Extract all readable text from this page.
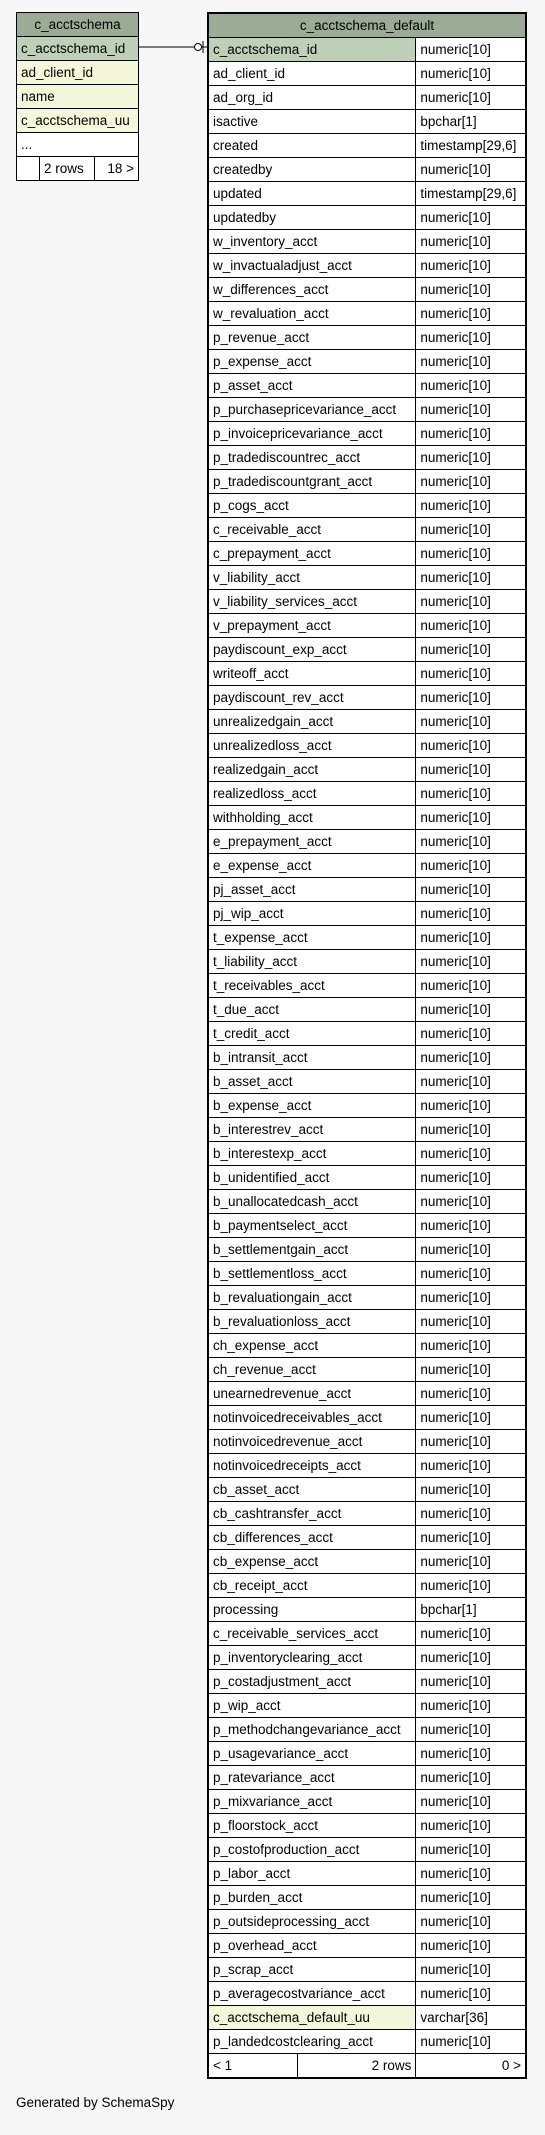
c_acctschema
c_acctschema_id
ad_client_id
name
c_acctschema_uu
...
	2 rows	18 >
c_acctschema_default		
c_acctschema_id		numeric[10]
ad_client_id		numeric[10]
ad_org_id		numeric[10]
isactive		bpchar[1]
created		timestamp[29,6]
createdby		numeric[10]
updated		timestamp[29,6]
updatedby		numeric[10]
w_inventory_acct		numeric[10]
w_invactualadjust_acct		numeric[10]
w_differences_acct		numeric[10]
w_revaluation_acct		numeric[10]
p_revenue_acct		numeric[10]
p_expense_acct		numeric[10]
p_asset_acct		numeric[10]
p_purchasepricevariance_acct		numeric[10]
p_invoicepricevariance_acct		numeric[10]
p_tradediscountrec_acct		numeric[10]
p_tradediscountgrant_acct		numeric[10]
p_cogs_acct		numeric[10]
c_receivable_acct		numeric[10]
c_prepayment_acct		numeric[10]
v_liability_acct		numeric[10]
v_liability_services_acct		numeric[10]
v_prepayment_acct		numeric[10]
paydiscount_exp_acct		numeric[10]
writeoff_acct		numeric[10]
paydiscount_rev_acct		numeric[10]
unrealizedgain_acct		numeric[10]
unrealizedloss_acct		numeric[10]
realizedgain_acct		numeric[10]
realizedloss_acct		numeric[10]
withholding_acct		numeric[10]
e_prepayment_acct		numeric[10]
e_expense_acct		numeric[10]
pj_asset_acct		numeric[10]
pj_wip_acct		numeric[10]
t_expense_acct		numeric[10]
t_liability_acct		numeric[10]
t_receivables_acct		numeric[10]
t_due_acct		numeric[10]
t_credit_acct		numeric[10]
b_intransit_acct		numeric[10]
b_asset_acct		numeric[10]
b_expense_acct		numeric[10]
b_interestrev_acct		numeric[10]
b_interestexp_acct		numeric[10]
b_unidentified_acct		numeric[10]
b_unallocatedcash_acct		numeric[10]
b_paymentselect_acct		numeric[10]
b_settlementgain_acct		numeric[10]
b_settlementloss_acct		numeric[10]
b_revaluationgain_acct		numeric[10]
b_revaluationloss_acct		numeric[10]
ch_expense_acct		numeric[10]
ch_revenue_acct		numeric[10]
unearnedrevenue_acct		numeric[10]
notinvoicedreceivables_acct		numeric[10]
notinvoicedrevenue_acct		numeric[10]
notinvoicedreceipts_acct		numeric[10]
cb_asset_acct		numeric[10]
cb_cashtransfer_acct		numeric[10]
cb_differences_acct		numeric[10]
cb_expense_acct		numeric[10]
cb_receipt_acct		numeric[10]
processing		bpchar[1]
c_receivable_services_acct		numeric[10]
p_inventoryclearing_acct		numeric[10]
p_costadjustment_acct		numeric[10]
p_wip_acct		numeric[10]
p_methodchangevariance_acct		numeric[10]
p_usagevariance_acct		numeric[10]
p_ratevariance_acct		numeric[10]
p_mixvariance_acct		numeric[10]
p_floorstock_acct		numeric[10]
p_costofproduction_acct		numeric[10]
p_labor_acct		numeric[10]
p_burden_acct		numeric[10]
p_outsideprocessing_acct		numeric[10]
p_overhead_acct		numeric[10]
p_scrap_acct		numeric[10]
p_averagecostvariance_acct		numeric[10]
c_acctschema_default_uu		varchar[36]
p_landedcostclearing_acct		numeric[10]
< 1	2 rows	0 >
Generated by SchemaSpy
